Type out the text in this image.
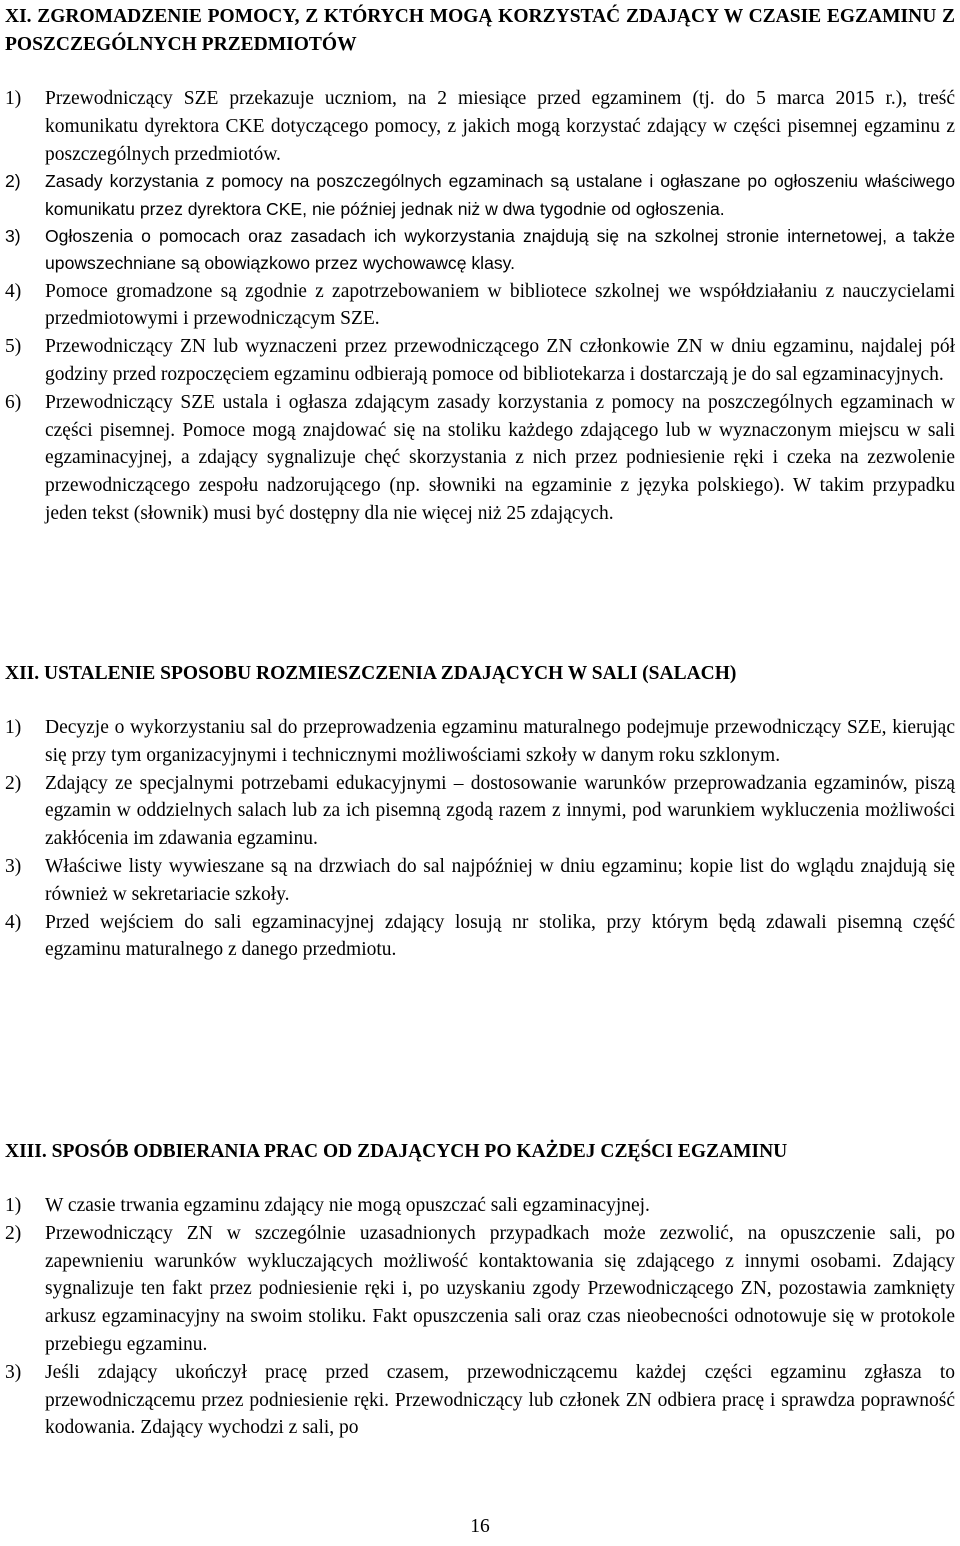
XI. ZGROMADZENIE POMOCY, Z KTÓRYCH MOGĄ KORZYSTAĆ ZDAJĄCY W CZASIE EGZAMINU Z POSZCZEGÓLNYCH PRZEDMIOTÓW

1) Przewodniczący SZE przekazuje uczniom, na 2 miesiące przed egzaminem (tj. do 5 marca 2015 r.), treść komunikatu dyrektora CKE dotyczącego pomocy, z jakich mogą korzystać zdający w części pisemnej egzaminu z poszczególnych przedmiotów.
2) Zasady korzystania z pomocy na poszczególnych egzaminach są ustalane i ogłaszane po ogłoszeniu właściwego komunikatu przez dyrektora CKE, nie później jednak niż w dwa tygodnie od ogłoszenia.
3) Ogłoszenia o pomocach oraz zasadach ich wykorzystania znajdują się na szkolnej stronie internetowej, a także upowszechniane są obowiązkowo przez wychowawcę klasy.
4) Pomoce gromadzone są zgodnie z zapotrzebowaniem w bibliotece szkolnej we współdziałaniu z nauczycielami przedmiotowymi i przewodniczącym SZE.
5) Przewodniczący ZN lub wyznaczeni przez przewodniczącego ZN członkowie ZN w dniu egzaminu, najdalej pół godziny przed rozpoczęciem egzaminu odbierają pomoce od bibliotekarza i dostarczają je do sal egzaminacyjnych.
6) Przewodniczący SZE ustala i ogłasza zdającym zasady korzystania z pomocy na poszczególnych egzaminach w części pisemnej. Pomoce mogą znajdować się na stoliku każdego zdającego lub w wyznaczonym miejscu w sali egzaminacyjnej, a zdający sygnalizuje chęć skorzystania z nich przez podniesienie ręki i czeka na zezwolenie przewodniczącego zespołu nadzorującego (np. słowniki na egzaminie z języka polskiego). W takim przypadku jeden tekst (słownik) musi być dostępny dla nie więcej niż 25 zdających.

XII. USTALENIE SPOSOBU ROZMIESZCZENIA ZDAJĄCYCH W SALI (SALACH)

1) Decyzje o wykorzystaniu sal do przeprowadzenia egzaminu maturalnego podejmuje przewodniczący SZE, kierując się przy tym organizacyjnymi i technicznymi możliwościami szkoły w danym roku szklonym.
2) Zdający ze specjalnymi potrzebami edukacyjnymi – dostosowanie warunków przeprowadzania egzaminów, piszą egzamin w oddzielnych salach lub za ich pisemną zgodą razem z innymi, pod warunkiem wykluczenia możliwości zakłócenia im zdawania egzaminu.
3) Właściwe listy wywieszane są na drzwiach do sal najpóźniej w dniu egzaminu; kopie list do wglądu znajdują się również w sekretariacie szkoły.
4) Przed wejściem do sali egzaminacyjnej zdający losują nr stolika, przy którym będą zdawali pisemną część egzaminu maturalnego z danego przedmiotu.

XIII. SPOSÓB ODBIERANIA PRAC OD ZDAJĄCYCH PO KAŻDEJ CZĘŚCI EGZAMINU

1) W czasie trwania egzaminu zdający nie mogą opuszczać sali egzaminacyjnej.
2) Przewodniczący ZN w szczególnie uzasadnionych przypadkach może zezwolić, na opuszczenie sali, po zapewnieniu warunków wykluczających możliwość kontaktowania się zdającego z innymi osobami. Zdający sygnalizuje ten fakt przez podniesienie ręki i, po uzyskaniu zgody Przewodniczącego ZN, pozostawia zamknięty arkusz egzaminacyjny na swoim stoliku. Fakt opuszczenia sali oraz czas nieobecności odnotowuje się w protokole przebiegu egzaminu.
3) Jeśli zdający ukończył pracę przed czasem, przewodniczącemu każdej części egzaminu zgłasza to przewodniczącemu przez podniesienie ręki. Przewodniczący lub członek ZN odbiera pracę i sprawdza poprawność kodowania. Zdający wychodzi z sali, po
16
